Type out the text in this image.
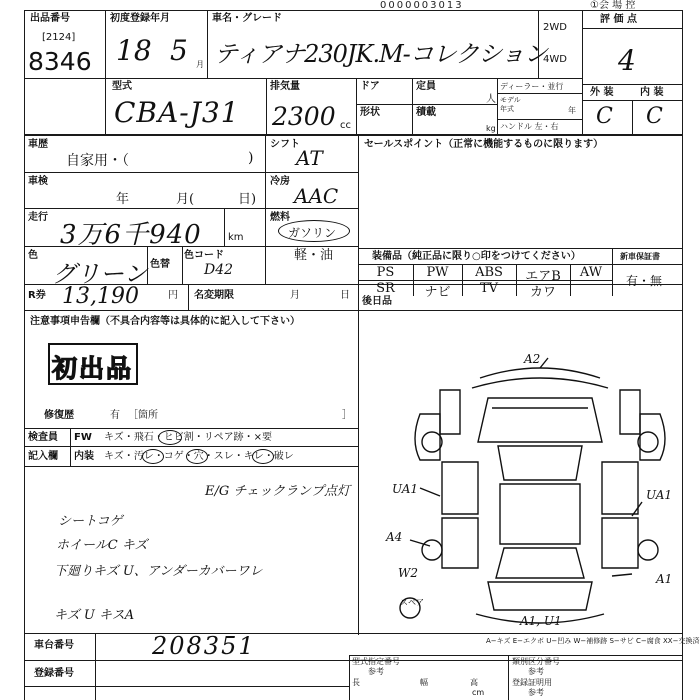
0000003013	①会 場 控
出品番号
[2124]
8346
初度登録年月
18 5 月
車名・グレード
ティアナ230JK.M-コレクション
2WD
4WD
評 価 点
4
型式
CBA-J31
排気量
2300 cc
ドア	定員
人
形状	積載
kg
ディーラー・並行
モデル年式	年
ハンドル 左・右
外 装	内 装
C C
車歴
自家用・（	)
シフト
AT
セールスポイント（正常に機能するものに限ります）
車検
年	月(	日)
冷房
AAC
走行
3万6千940	km
燃料
ガソリン
軽・油
色
グリーン 色替
色コード
D42
装備品（純正品に限り○印をつけてください）	新車保証書
有・無
PS	PW	ABS	エアB	AW
SR	ナビ	TV	カワ
R券 13,190	円 名変期限	月	日
後日品
注意事項申告欄（不具合内容等は具体的に記入して下さい）
初出品
修復歴	有 ［箇所	］
検査員 FW キズ・飛石・ヒビ割・リペア跡・×要
記入欄 内装 キズ・汚レ・コゲ・穴・スレ・キレ・破レ
E/G チェックランプ点灯
シートコゲ
ホイールC キズ
下廻りキズ U、アンダーカバーワレ
キズ U キスA
A2
UA1	UA1
A4
W2	A1
A1, U1
スペア
A−キズ E−エクボ U−凹み W−補修跡 S−サビ C−腐食 XX−交換済
車台番号	208351
登録番号
型式指定番号
参考
長
cm
幅	高
類別区分番号
参考
登録証明用
参考
